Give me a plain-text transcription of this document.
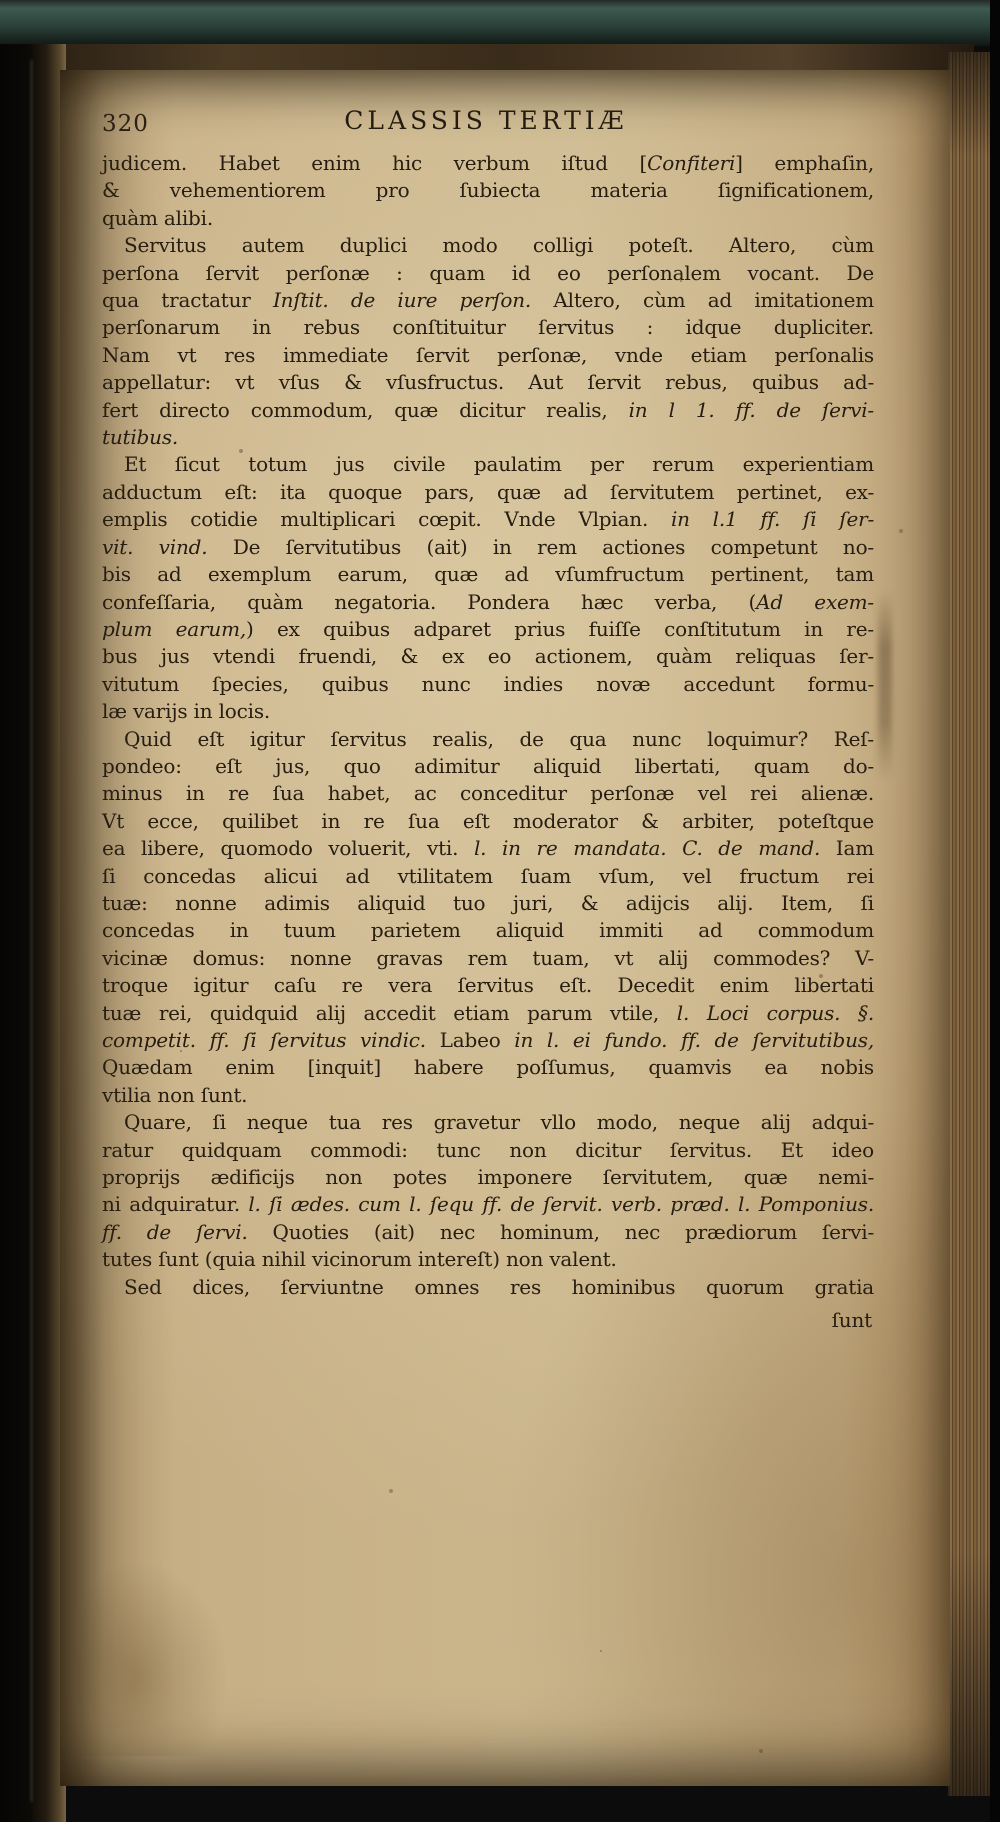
320	CLASSIS TERTIÆ
judicem. Habet enim hic verbum iſtud [Confiteri] emphaſin,
& vehementiorem pro ſubiecta materia ſignificationem,
quàm alibi.
Servitus autem duplici modo colligi poteſt. Altero, cùm
perſona ſervit perſonæ : quam id eo perſonalem vocant. De
qua tractatur Inſtit. de iure perſon. Altero, cùm ad imitationem
perſonarum in rebus conſtituitur ſervitus : idque dupliciter.
Nam vt res immediate ſervit perſonæ, vnde etiam perſonalis
appellatur: vt vſus & vſusfructus. Aut ſervit rebus, quibus ad-
fert directo commodum, quæ dicitur realis, in l 1. ff. de ſervi-
tutibus.
Et ſicut totum jus civile paulatim per rerum experientiam
adductum eſt: ita quoque pars, quæ ad ſervitutem pertinet, ex-
emplis cotidie multiplicari cœpit. Vnde Vlpian. in l.1 ff. ſi ſer-
vit. vind. De ſervitutibus (ait) in rem actiones competunt no-
bis ad exemplum earum, quæ ad vſumfructum pertinent, tam
confeſſaria, quàm negatoria. Pondera hæc verba, (Ad exem-
plum earum,) ex quibus adparet prius fuiſſe conſtitutum in re-
bus jus vtendi fruendi, & ex eo actionem, quàm reliquas ſer-
vitutum ſpecies, quibus nunc indies novæ accedunt formu-
læ varijs in locis.
Quid eſt igitur ſervitus realis, de qua nunc loquimur? Reſ-
pondeo: eſt jus, quo adimitur aliquid libertati, quam do-
minus in re ſua habet, ac conceditur perſonæ vel rei alienæ.
Vt ecce, quilibet in re ſua eſt moderator & arbiter, poteſtque
ea libere, quomodo voluerit, vti. l. in re mandata. C. de mand. Iam
ſi concedas alicui ad vtilitatem ſuam vſum, vel fructum rei
tuæ: nonne adimis aliquid tuo juri, & adijcis alij. Item, ſi
concedas in tuum parietem aliquid immiti ad commodum
vicinæ domus: nonne gravas rem tuam, vt alij commodes? V-
troque igitur caſu re vera ſervitus eſt. Decedit enim libertati
tuæ rei, quidquid alij accedit etiam parum vtile, l. Loci corpus. §.
competit. ff. ſi ſervitus vindic. Labeo in l. ei fundo. ff. de ſervitutibus,
Quædam enim [inquit] habere poſſumus, quamvis ea nobis
vtilia non ſunt.
Quare, ſi neque tua res gravetur vllo modo, neque alij adqui-
ratur quidquam commodi: tunc non dicitur ſervitus. Et ideo
proprijs ædificijs non potes imponere ſervitutem, quæ nemi-
ni adquiratur. l. ſi ædes. cum l. ſequ ff. de ſervit. verb. præd. l. Pomponius.
ff. de ſervi. Quoties (ait) nec hominum, nec prædiorum ſervi-
tutes ſunt (quia nihil vicinorum intereſt) non valent.
Sed dices, ſerviuntne omnes res hominibus quorum gratia
ſunt
